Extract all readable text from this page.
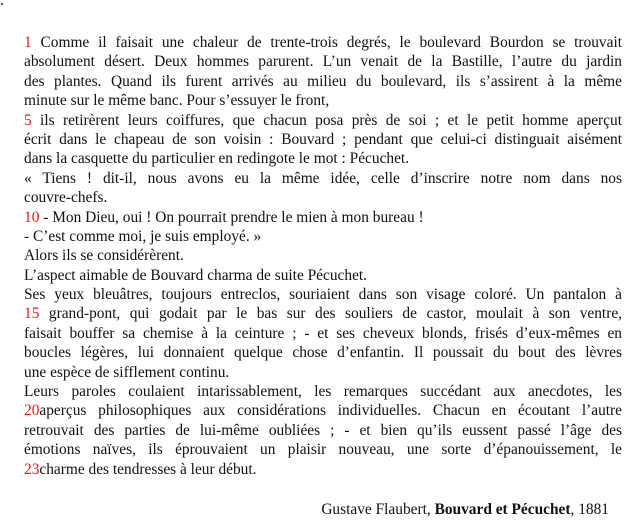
1 Comme il faisait une chaleur de trente-trois degrés, le boulevard Bourdon se trouvait
absolument désert. Deux hommes parurent. L’un venait de la Bastille, l’autre du jardin
des plantes. Quand ils furent arrivés au milieu du boulevard, ils s’assirent à la même
minute sur le même banc. Pour s’essuyer le front,
5 ils retirèrent leurs coiffures, que chacun posa près de soi ; et le petit homme aperçut
écrit dans le chapeau de son voisin : Bouvard ; pendant que celui-ci distinguait aisément
dans la casquette du particulier en redingote le mot : Pécuchet.
« Tiens ! dit-il, nous avons eu la même idée, celle d’inscrire notre nom dans nos
couvre-chefs.
10 - Mon Dieu, oui ! On pourrait prendre le mien à mon bureau !
- C’est comme moi, je suis employé. »
Alors ils se considérèrent.
L’aspect aimable de Bouvard charma de suite Pécuchet.
Ses yeux bleuâtres, toujours entreclos, souriaient dans son visage coloré. Un pantalon à
15 grand-pont, qui godait par le bas sur des souliers de castor, moulait à son ventre,
faisait bouffer sa chemise à la ceinture ; - et ses cheveux blonds, frisés d’eux-mêmes en
boucles légères, lui donnaient quelque chose d’enfantin. Il poussait du bout des lèvres
une espèce de sifflement continu.
Leurs paroles coulaient intarissablement, les remarques succédant aux anecdotes, les
20aperçus philosophiques aux considérations individuelles. Chacun en écoutant l’autre
retrouvait des parties de lui-même oubliées ; - et bien qu’ils eussent passé l’âge des
émotions naïves, ils éprouvaient un plaisir nouveau, une sorte d’épanouissement, le
23charme des tendresses à leur début.
Gustave Flaubert, Bouvard et Pécuchet, 1881
